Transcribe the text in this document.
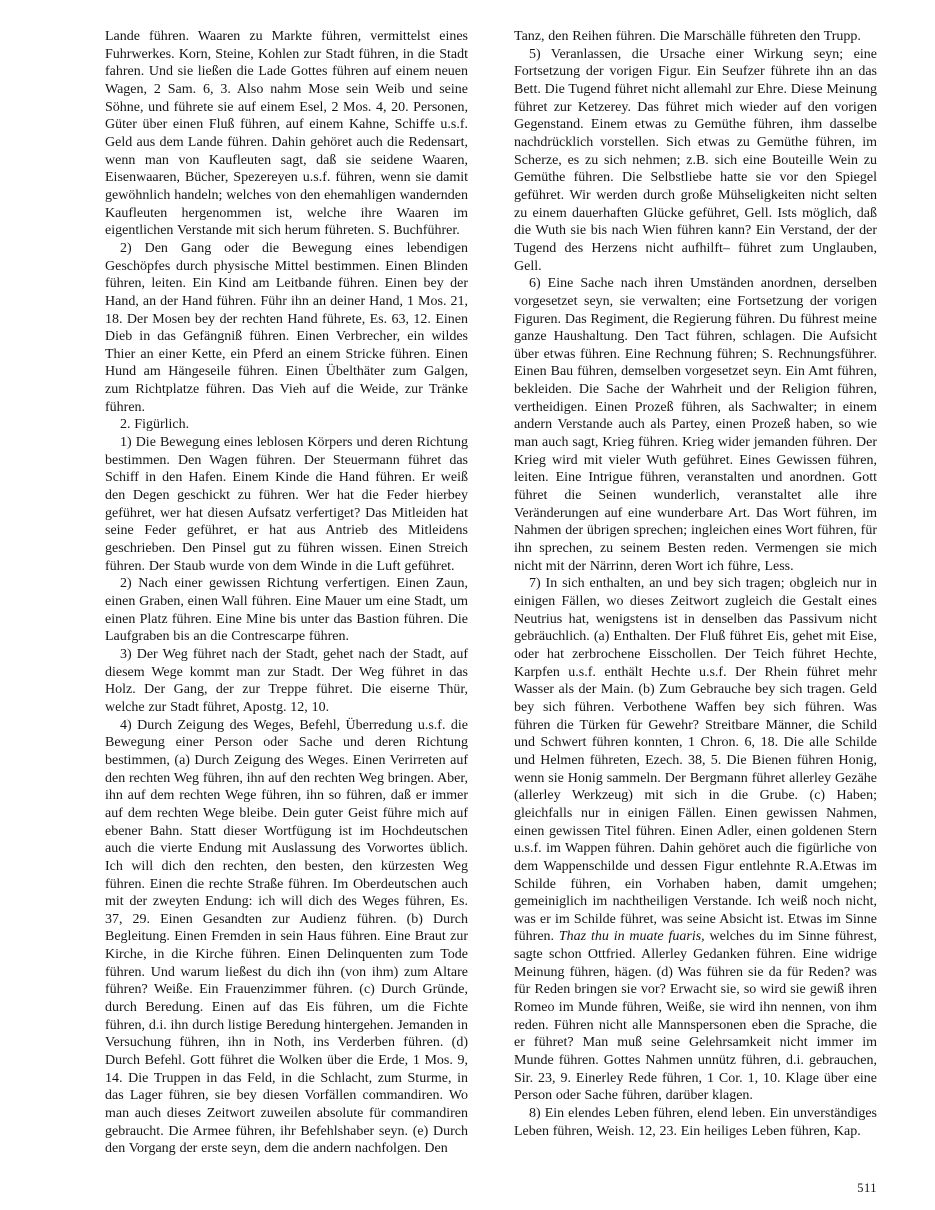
Lande führen. Waaren zu Markte führen, vermittelst eines Fuhrwerkes. Korn, Steine, Kohlen zur Stadt führen, in die Stadt fahren. Und sie ließen die Lade Gottes führen auf einem neuen Wagen, 2 Sam. 6, 3. Also nahm Mose sein Weib und seine Söhne, und führete sie auf einem Esel, 2 Mos. 4, 20. Personen, Güter über einen Fluß führen, auf einem Kahne, Schiffe u.s.f. Geld aus dem Lande führen. Dahin gehöret auch die Redensart, wenn man von Kaufleuten sagt, daß sie seidene Waaren, Eisenwaaren, Bücher, Spezereyen u.s.f. führen, wenn sie damit gewöhnlich handeln; welches von den ehemahligen wandernden Kaufleuten hergenommen ist, welche ihre Waaren im eigentlichen Verstande mit sich herum führeten. S. Buchführer.

2) Den Gang oder die Bewegung eines lebendigen Geschöpfes durch physische Mittel bestimmen. Einen Blinden führen, leiten. Ein Kind am Leitbande führen. Einen bey der Hand, an der Hand führen. Führ ihn an deiner Hand, 1 Mos. 21, 18. Der Mosen bey der rechten Hand führete, Es. 63, 12. Einen Dieb in das Gefängniß führen. Einen Verbrecher, ein wildes Thier an einer Kette, ein Pferd an einem Stricke führen. Einen Hund am Hängeseile führen. Einen Übelthäter zum Galgen, zum Richtplatze führen. Das Vieh auf die Weide, zur Tränke führen.

2. Figürlich.

1) Die Bewegung eines leblosen Körpers und deren Richtung bestimmen. Den Wagen führen. Der Steuermann führet das Schiff in den Hafen. Einem Kinde die Hand führen. Er weiß den Degen geschickt zu führen. Wer hat die Feder hierbey geführet, wer hat diesen Aufsatz verfertiget? Das Mitleiden hat seine Feder geführet, er hat aus Antrieb des Mitleidens geschrieben. Den Pinsel gut zu führen wissen. Einen Streich führen. Der Staub wurde von dem Winde in die Luft geführet.

2) Nach einer gewissen Richtung verfertigen. Einen Zaun, einen Graben, einen Wall führen. Eine Mauer um eine Stadt, um einen Platz führen. Eine Mine bis unter das Bastion führen. Die Laufgraben bis an die Contrescarpe führen.

3) Der Weg führet nach der Stadt, gehet nach der Stadt, auf diesem Wege kommt man zur Stadt. Der Weg führet in das Holz. Der Gang, der zur Treppe führet. Die eiserne Thür, welche zur Stadt führet, Apostg. 12, 10.

4) Durch Zeigung des Weges, Befehl, Überredung u.s.f. die Bewegung einer Person oder Sache und deren Richtung bestimmen, (a) Durch Zeigung des Weges. Einen Verirreten auf den rechten Weg führen, ihn auf den rechten Weg bringen. Aber, ihn auf dem rechten Wege führen, ihn so führen, daß er immer auf dem rechten Wege bleibe. Dein guter Geist führe mich auf ebener Bahn. Statt dieser Wortfügung ist im Hochdeutschen auch die vierte Endung mit Auslassung des Vorwortes üblich. Ich will dich den rechten, den besten, den kürzesten Weg führen. Einen die rechte Straße führen. Im Oberdeutschen auch mit der zweyten Endung: ich will dich des Weges führen, Es. 37, 29. Einen Gesandten zur Audienz führen. (b) Durch Begleitung. Einen Fremden in sein Haus führen. Eine Braut zur Kirche, in die Kirche führen. Einen Delinquenten zum Tode führen. Und warum ließest du dich ihn (von ihm) zum Altare führen? Weiße. Ein Frauenzimmer führen. (c) Durch Gründe, durch Beredung. Einen auf das Eis führen, um die Fichte führen, d.i. ihn durch listige Beredung hintergehen. Jemanden in Versuchung führen, ihn in Noth, ins Verderben führen. (d) Durch Befehl. Gott führet die Wolken über die Erde, 1 Mos. 9, 14. Die Truppen in das Feld, in die Schlacht, zum Sturme, in das Lager führen, sie bey diesen Vorfällen commandiren. Wo man auch dieses Zeitwort zuweilen absolute für commandiren gebraucht. Die Armee führen, ihr Befehlshaber seyn. (e) Durch den Vorgang der erste seyn, dem die andern nachfolgen. Den

Tanz, den Reihen führen. Die Marschälle führeten den Trupp.

5) Veranlassen, die Ursache einer Wirkung seyn; eine Fortsetzung der vorigen Figur. Ein Seufzer führete ihn an das Bett. Die Tugend führet nicht allemahl zur Ehre. Diese Meinung führet zur Ketzerey. Das führet mich wieder auf den vorigen Gegenstand. Einem etwas zu Gemüthe führen, ihm dasselbe nachdrücklich vorstellen. Sich etwas zu Gemüthe führen, im Scherze, es zu sich nehmen; z.B. sich eine Bouteille Wein zu Gemüthe führen. Die Selbstliebe hatte sie vor den Spiegel geführet. Wir werden durch große Mühseligkeiten nicht selten zu einem dauerhaften Glücke geführet, Gell. Ists möglich, daß die Wuth sie bis nach Wien führen kann? Ein Verstand, der der Tugend des Herzens nicht aufhilft– führet zum Unglauben, Gell.

6) Eine Sache nach ihren Umständen anordnen, derselben vorgesetzet seyn, sie verwalten; eine Fortsetzung der vorigen Figuren. Das Regiment, die Regierung führen. Du führest meine ganze Haushaltung. Den Tact führen, schlagen. Die Aufsicht über etwas führen. Eine Rechnung führen; S. Rechnungsführer. Einen Bau führen, demselben vorgesetzet seyn. Ein Amt führen, bekleiden. Die Sache der Wahrheit und der Religion führen, vertheidigen. Einen Prozeß führen, als Sachwalter; in einem andern Verstande auch als Partey, einen Prozeß haben, so wie man auch sagt, Krieg führen. Krieg wider jemanden führen. Der Krieg wird mit vieler Wuth geführet. Eines Gewissen führen, leiten. Eine Intrigue führen, veranstalten und anordnen. Gott führet die Seinen wunderlich, veranstaltet alle ihre Veränderungen auf eine wunderbare Art. Das Wort führen, im Nahmen der übrigen sprechen; ingleichen eines Wort führen, für ihn sprechen, zu seinem Besten reden. Vermengen sie mich nicht mit der Närrinn, deren Wort ich führe, Less.

7) In sich enthalten, an und bey sich tragen; obgleich nur in einigen Fällen, wo dieses Zeitwort zugleich die Gestalt eines Neutrius hat, wenigstens ist in denselben das Passivum nicht gebräuchlich. (a) Enthalten. Der Fluß führet Eis, gehet mit Eise, oder hat zerbrochene Eisschollen. Der Teich führet Hechte, Karpfen u.s.f. enthält Hechte u.s.f. Der Rhein führet mehr Wasser als der Main. (b) Zum Gebrauche bey sich tragen. Geld bey sich führen. Verbothene Waffen bey sich führen. Was führen die Türken für Gewehr? Streitbare Männer, die Schild und Schwert führen konnten, 1 Chron. 6, 18. Die alle Schilde und Helmen führeten, Ezech. 38, 5. Die Bienen führen Honig, wenn sie Honig sammeln. Der Bergmann führet allerley Gezähe (allerley Werkzeug) mit sich in die Grube. (c) Haben; gleichfalls nur in einigen Fällen. Einen gewissen Nahmen, einen gewissen Titel führen. Einen Adler, einen goldenen Stern u.s.f. im Wappen führen. Dahin gehöret auch die figürliche von dem Wappenschilde und dessen Figur entlehnte R.A.Etwas im Schilde führen, ein Vorhaben haben, damit umgehen; gemeiniglich im nachtheiligen Verstande. Ich weiß noch nicht, was er im Schilde führet, was seine Absicht ist. Etwas im Sinne führen. Thaz thu in muate fuaris, welches du im Sinne führest, sagte schon Ottfried. Allerley Gedanken führen. Eine widrige Meinung führen, hägen. (d) Was führen sie da für Reden? was für Reden bringen sie vor? Erwacht sie, so wird sie gewiß ihren Romeo im Munde führen, Weiße, sie wird ihn nennen, von ihm reden. Führen nicht alle Mannspersonen eben die Sprache, die er führet? Man muß seine Gelehrsamkeit nicht immer im Munde führen. Gottes Nahmen unnütz führen, d.i. gebrauchen, Sir. 23, 9. Einerley Rede führen, 1 Cor. 1, 10. Klage über eine Person oder Sache führen, darüber klagen.

8) Ein elendes Leben führen, elend leben. Ein unverständiges Leben führen, Weish. 12, 23. Ein heiliges Leben führen, Kap.

511
